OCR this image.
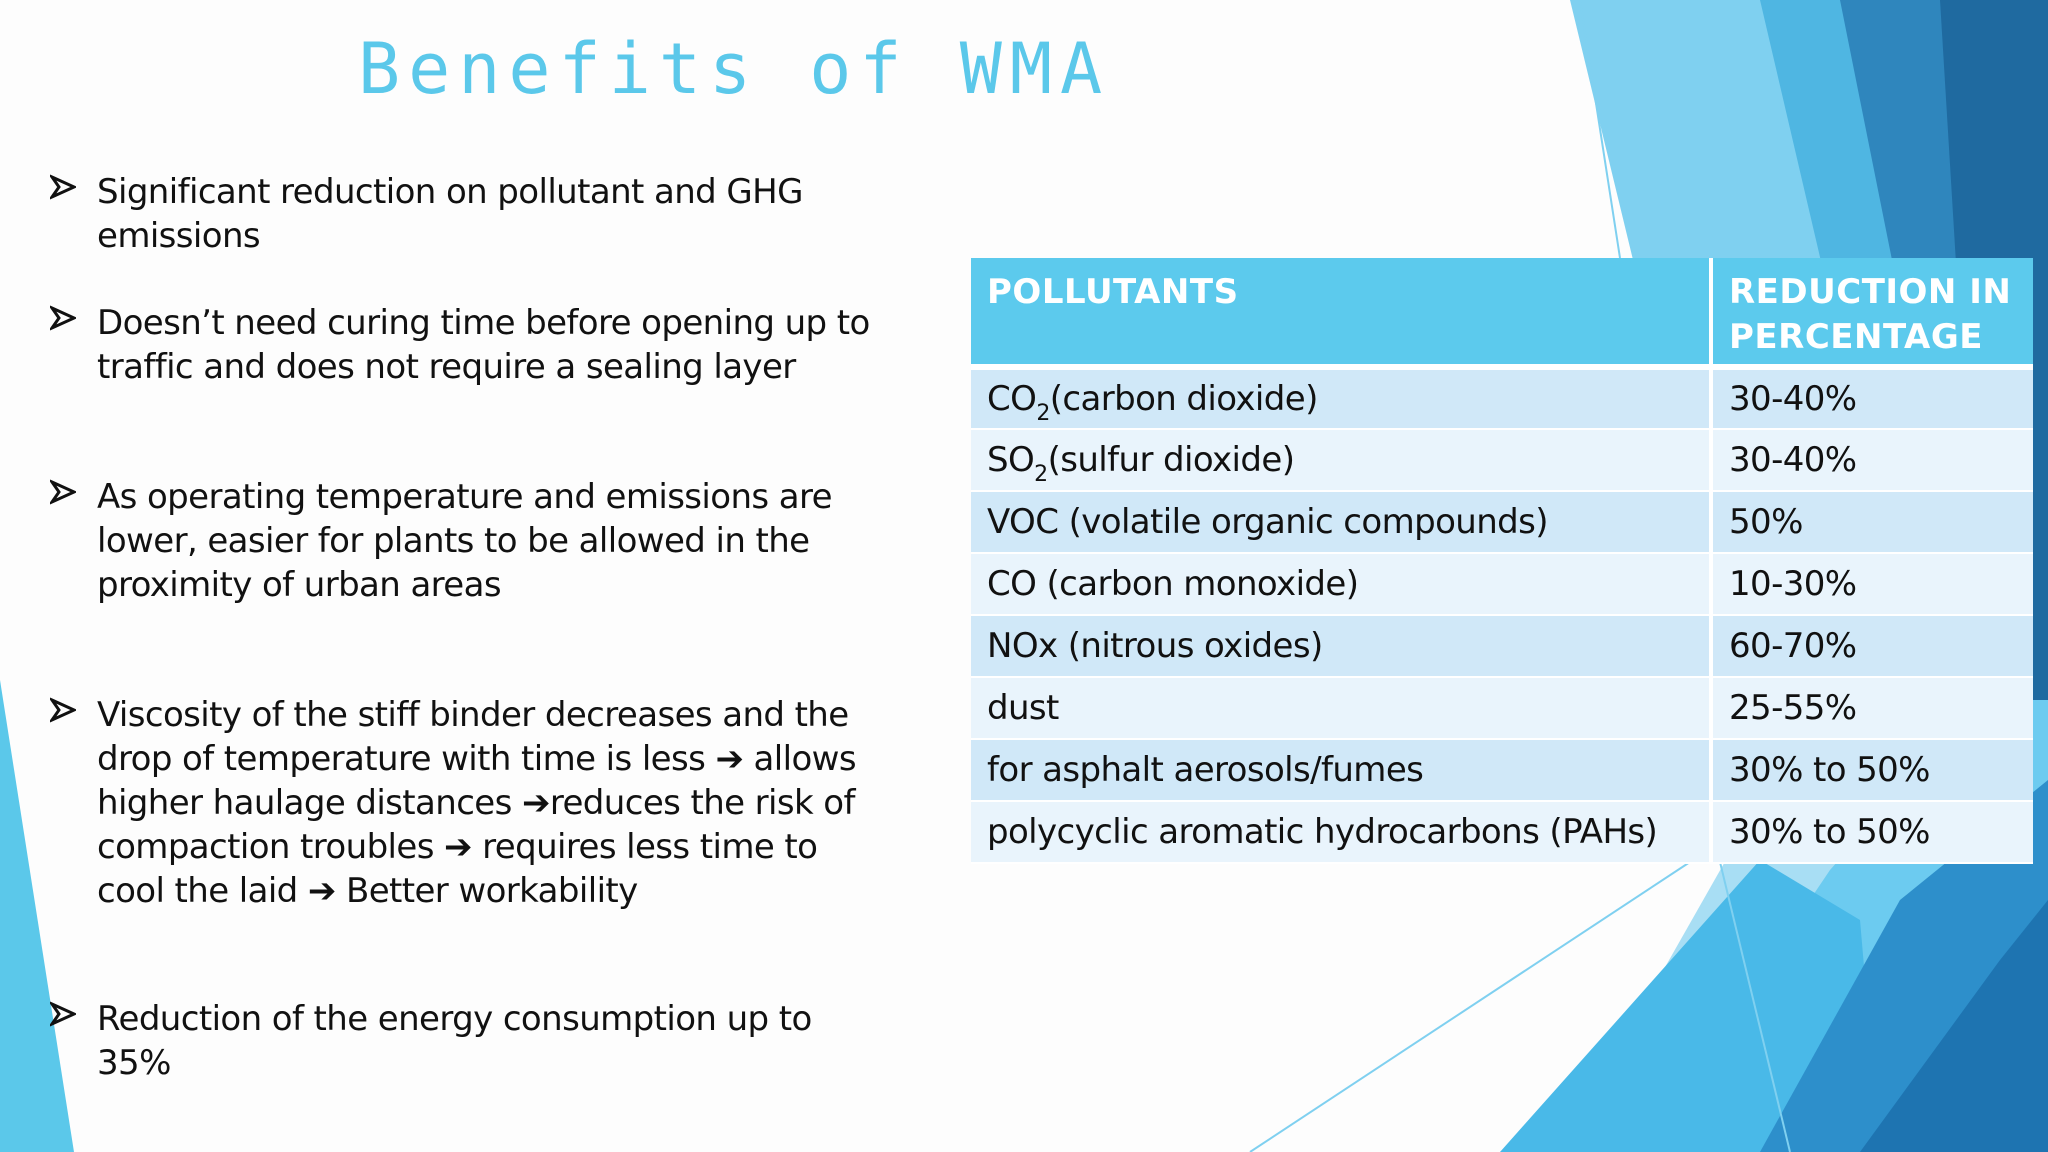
Benefits of WMA
Significant reduction on pollutant and GHG emissions
Doesn’t need curing time before opening up to traffic and does not require a sealing layer
As operating temperature and emissions are lower, easier for plants to be allowed in the proximity of urban areas
Viscosity of the stiff binder decreases and the drop of temperature with time is less ➔ allows higher haulage distances ➔reduces the risk of compaction troubles ➔ requires less time to cool the laid ➔ Better workability
Reduction of the energy consumption up to 35%
POLLUTANTS	REDUCTION IN PERCENTAGE
$CO_2(carbon$ dioxide)	30-40%
$SO_2(sulfur$ dioxide)	30-40%
VOC (volatile organic compounds)	50%
CO (carbon monoxide)	10-30%
NOx (nitrous oxides)	60-70%
dust	25-55%
for asphalt aerosols/fumes	30% to 50%
polycyclic aromatic hydrocarbons (PAHs)	30% to 50%
